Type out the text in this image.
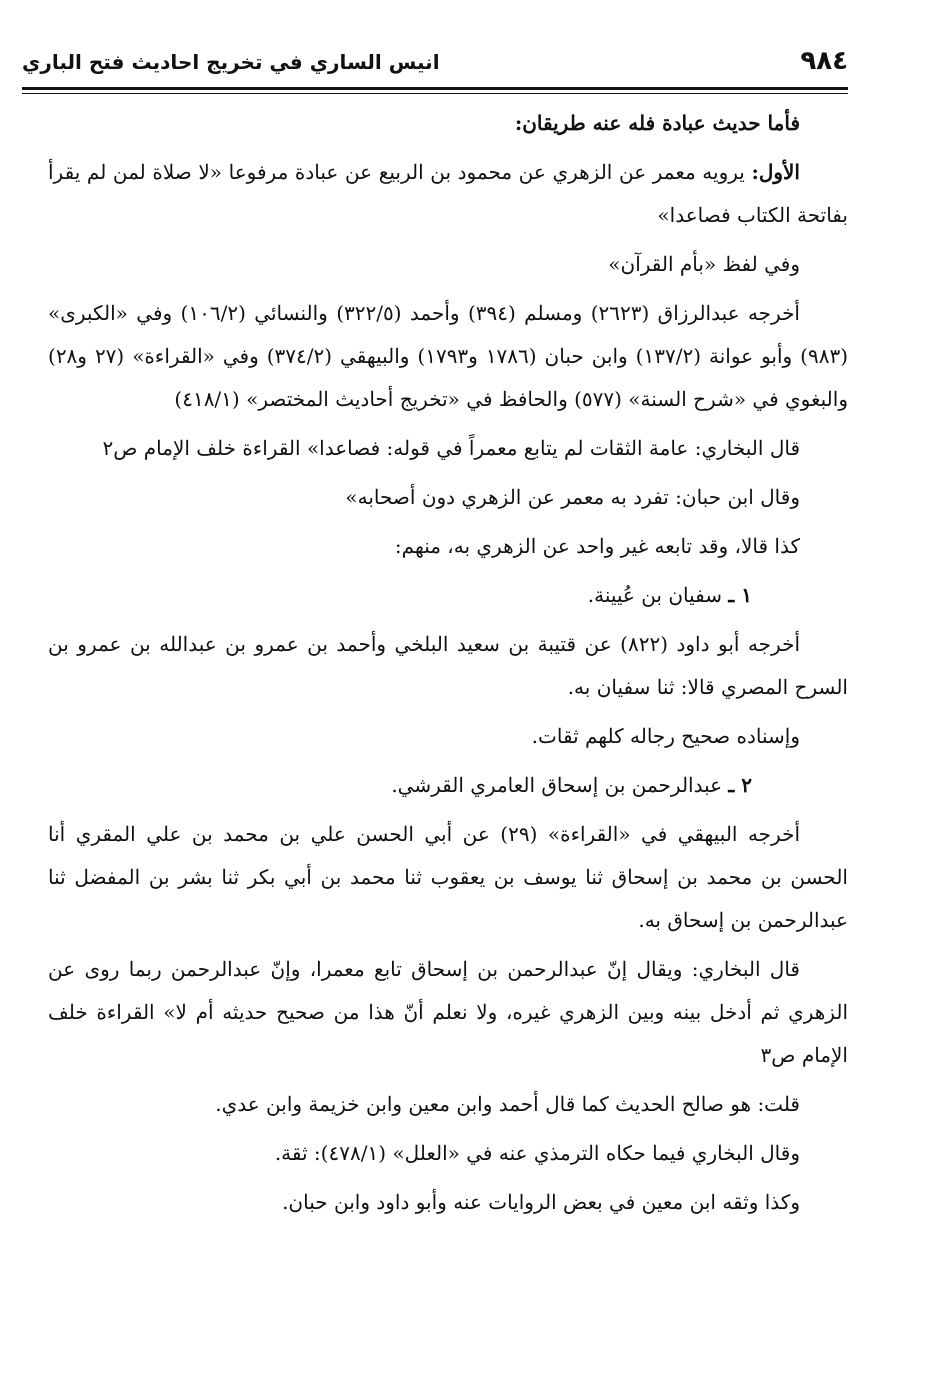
٩٨٤
انيس الساري في تخريج احاديث فتح الباري

فأما حديث عبادة فله عنه طريقان:

الأول: يرويه معمر عن الزهري عن محمود بن الربيع عن عبادة مرفوعا «لا صلاة لمن لم يقرأ بفاتحة الكتاب فصاعدا»

وفي لفظ «بأم القرآن»

أخرجه عبدالرزاق (٢٦٢٣) ومسلم (٣٩٤) وأحمد (٣٢٢/٥) والنسائي (١٠٦/٢) وفي «الكبرى» (٩٨٣) وأبو عوانة (١٣٧/٢) وابن حبان (١٧٨٦ و١٧٩٣) والبيهقي (٣٧٤/٢) وفي «القراءة» (٢٧ و٢٨) والبغوي في «شرح السنة» (٥٧٧) والحافظ في «تخريج أحاديث المختصر» (٤١٨/١)

قال البخاري: عامة الثقات لم يتابع معمراً في قوله: فصاعدا» القراءة خلف الإمام ص٢

وقال ابن حبان: تفرد به معمر عن الزهري دون أصحابه»

كذا قالا، وقد تابعه غير واحد عن الزهري به، منهم:

١ ـ سفيان بن عُيينة.

أخرجه أبو داود (٨٢٢) عن قتيبة بن سعيد البلخي وأحمد بن عمرو بن عبدالله بن عمرو بن السرح المصري قالا: ثنا سفيان به.

وإسناده صحيح رجاله كلهم ثقات.

٢ ـ عبدالرحمن بن إسحاق العامري القرشي.

أخرجه البيهقي في «القراءة» (٢٩) عن أبي الحسن علي بن محمد بن علي المقري أنا الحسن بن محمد بن إسحاق ثنا يوسف بن يعقوب ثنا محمد بن أبي بكر ثنا بشر بن المفضل ثنا عبدالرحمن بن إسحاق به.

قال البخاري: ويقال إنّ عبدالرحمن بن إسحاق تابع معمرا، وإنّ عبدالرحمن ربما روى عن الزهري ثم أدخل بينه وبين الزهري غيره، ولا نعلم أنّ هذا من صحيح حديثه أم لا» القراءة خلف الإمام ص٣

قلت: هو صالح الحديث كما قال أحمد وابن معين وابن خزيمة وابن عدي.

وقال البخاري فيما حكاه الترمذي عنه في «العلل» (٤٧٨/١): ثقة.

وكذا وثقه ابن معين في بعض الروايات عنه وأبو داود وابن حبان.
